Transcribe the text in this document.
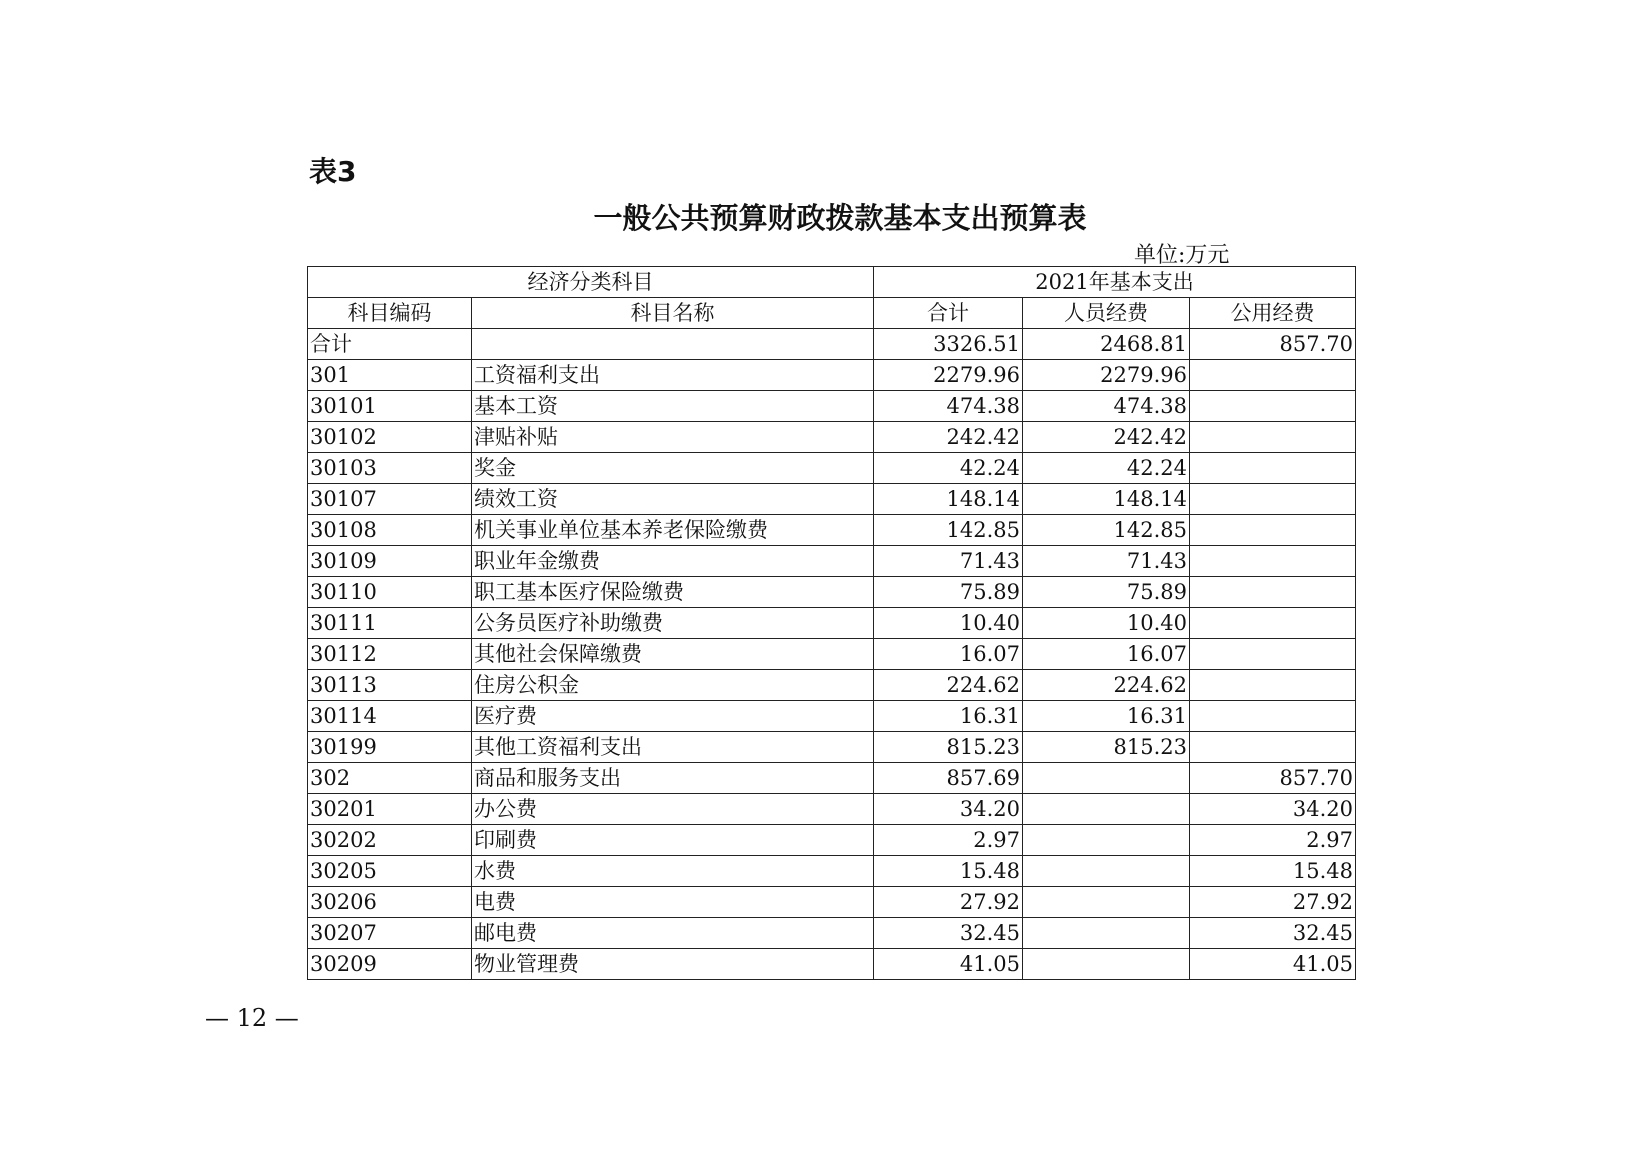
表3
一般公共预算财政拨款基本支出预算表
单位:万元
经济分类科目		2021年基本支出		
科目编码	科目名称	合计	人员经费	公用经费
合计		3326.51	2468.81	857.70
301	工资福利支出	2279.96	2279.96	
30101	基本工资	474.38	474.38	
30102	津贴补贴	242.42	242.42	
30103	奖金	42.24	42.24	
30107	绩效工资	148.14	148.14	
30108	机关事业单位基本养老保险缴费	142.85	142.85	
30109	职业年金缴费	71.43	71.43	
30110	职工基本医疗保险缴费	75.89	75.89	
30111	公务员医疗补助缴费	10.40	10.40	
30112	其他社会保障缴费	16.07	16.07	
30113	住房公积金	224.62	224.62	
30114	医疗费	16.31	16.31	
30199	其他工资福利支出	815.23	815.23	
302	商品和服务支出	857.69		857.70
30201	办公费	34.20		34.20
30202	印刷费	2.97		2.97
30205	水费	15.48		15.48
30206	电费	27.92		27.92
30207	邮电费	32.45		32.45
30209	物业管理费	41.05		41.05
— 12 —
